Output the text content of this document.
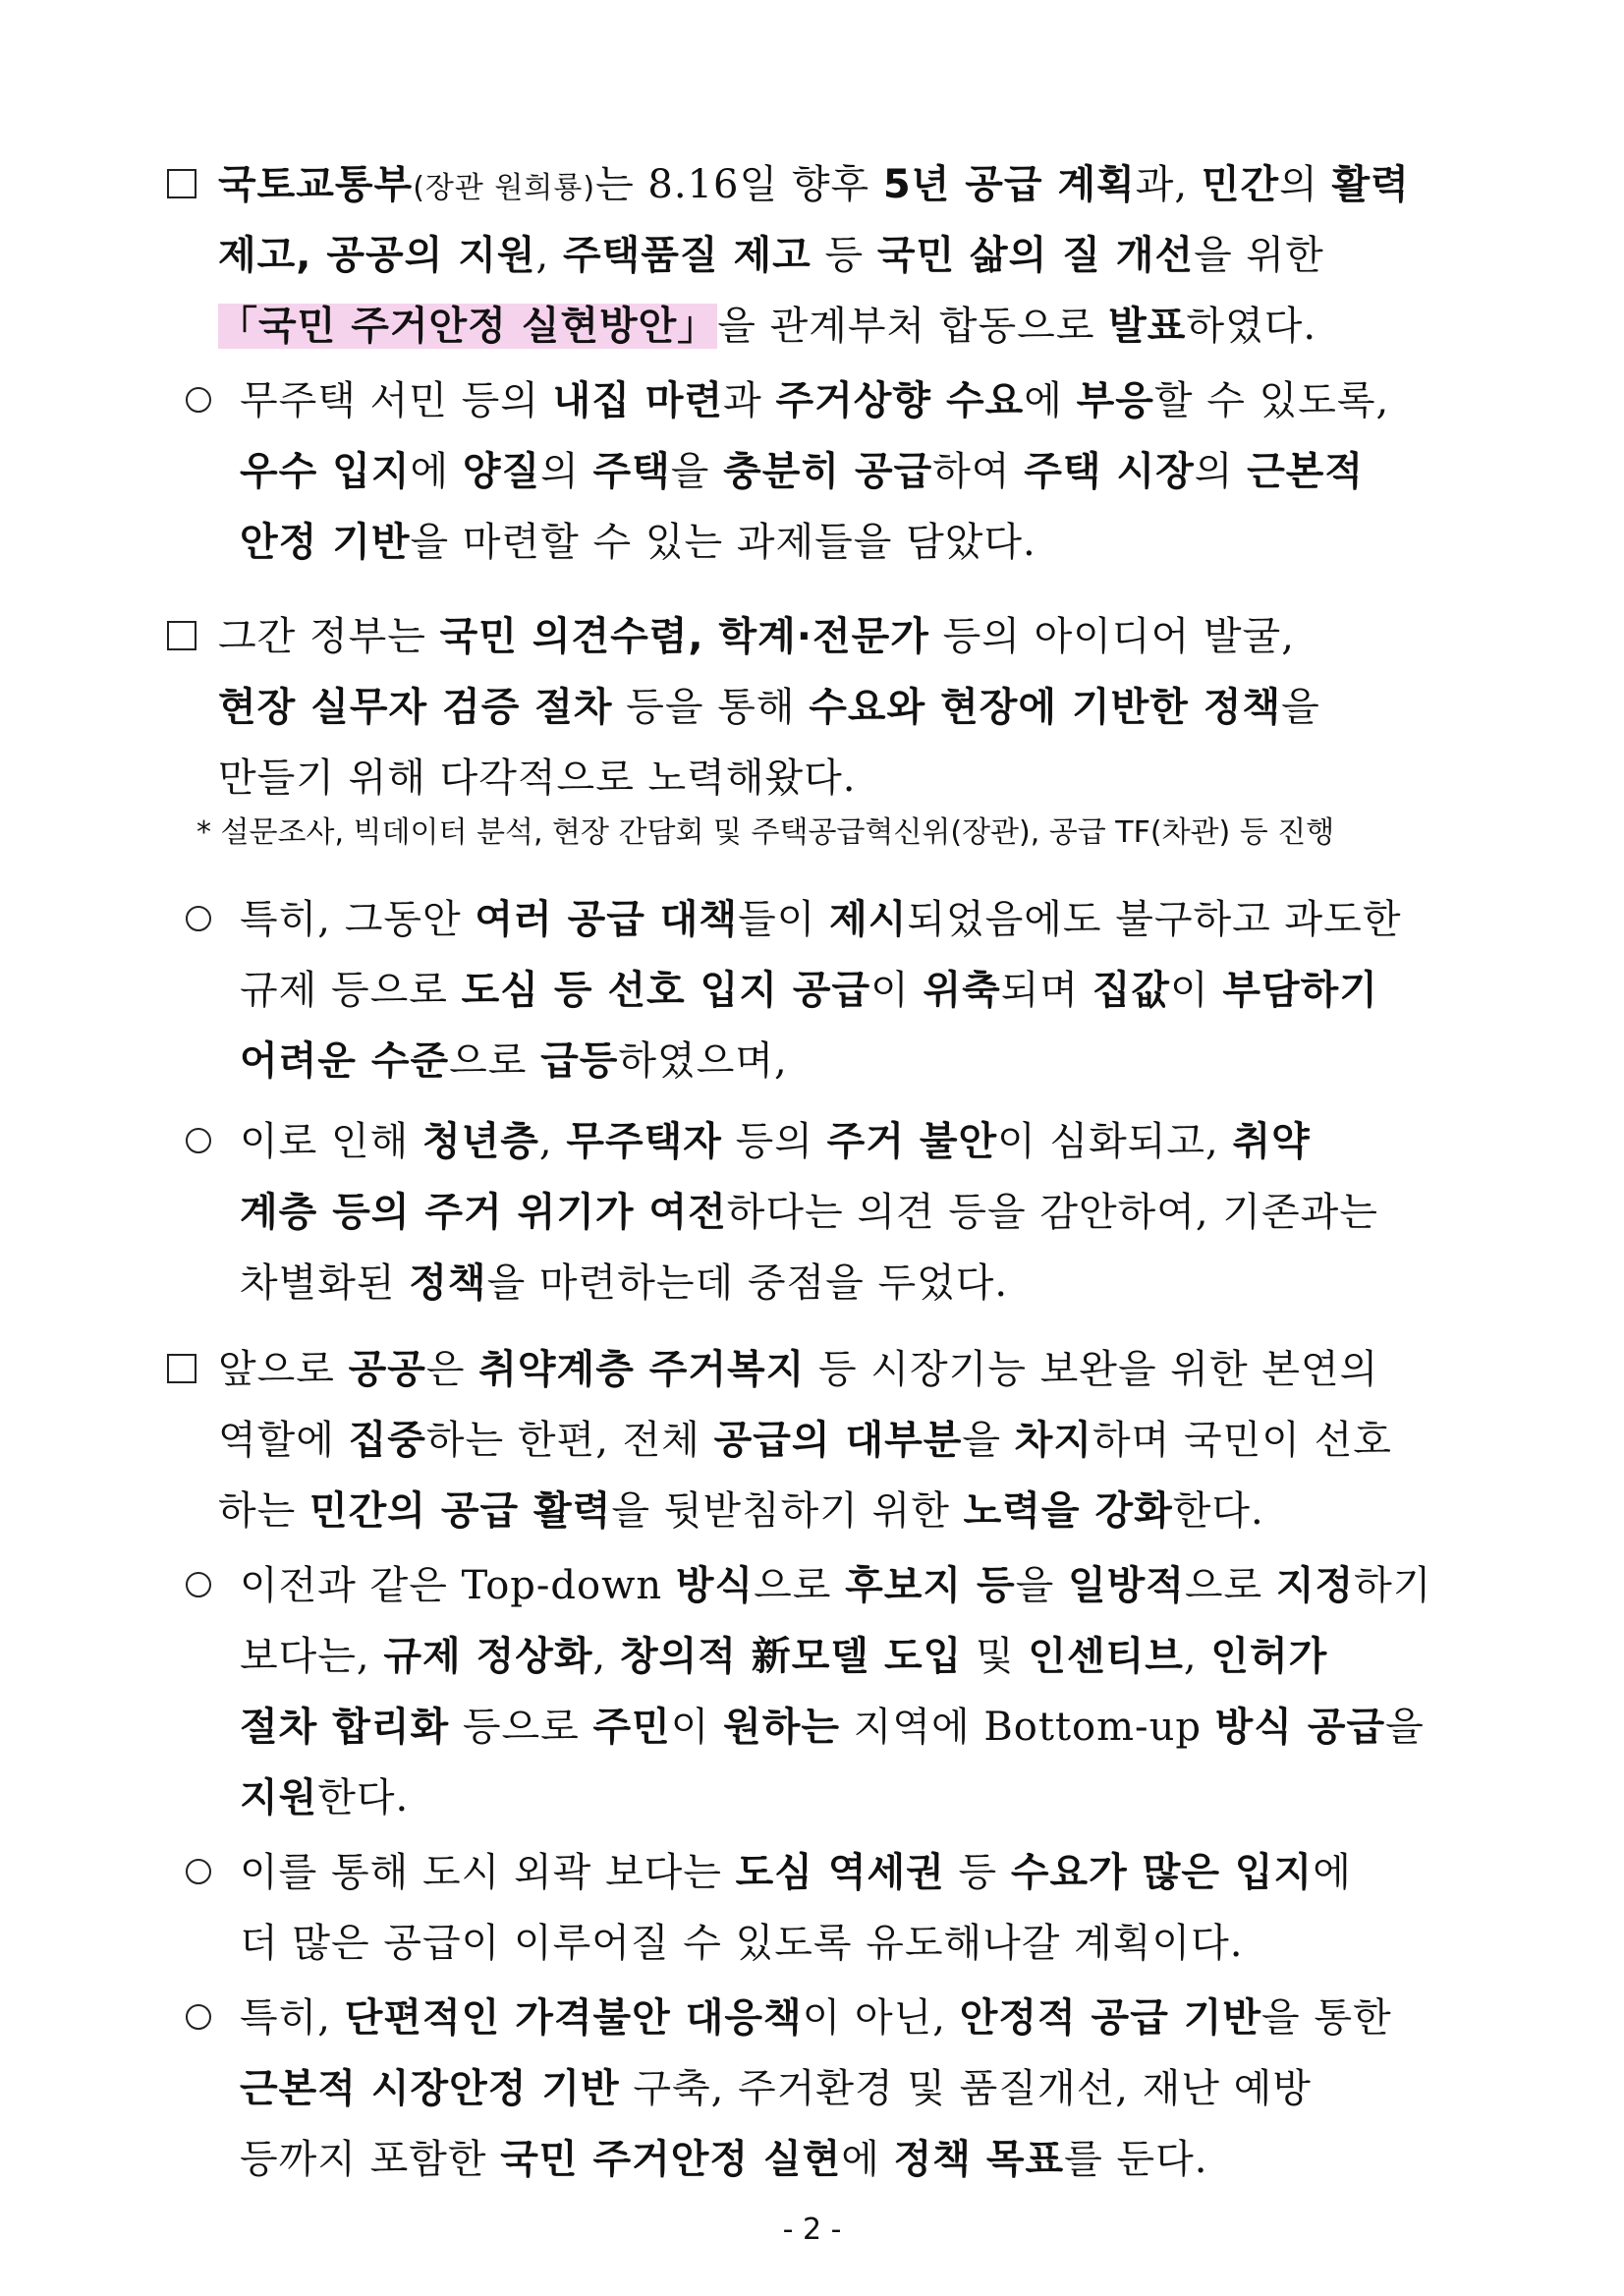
국토교통부(장관 원희룡)는 8.16일 향후 5년 공급 계획과, 민간의 활력
제고, 공공의 지원, 주택품질 제고 등 국민 삶의 질 개선을 위한
「국민 주거안정 실현방안」을 관계부처 합동으로 발표하였다.
무주택 서민 등의 내집 마련과 주거상향 수요에 부응할 수 있도록,
우수 입지에 양질의 주택을 충분히 공급하여 주택 시장의 근본적
안정 기반을 마련할 수 있는 과제들을 담았다.
그간 정부는 국민 의견수렴, 학계·전문가 등의 아이디어 발굴,
현장 실무자 검증 절차 등을 통해 수요와 현장에 기반한 정책을
만들기 위해 다각적으로 노력해왔다.
특히, 그동안 여러 공급 대책들이 제시되었음에도 불구하고 과도한
규제 등으로 도심 등 선호 입지 공급이 위축되며 집값이 부담하기
어려운 수준으로 급등하였으며,
이로 인해 청년층, 무주택자 등의 주거 불안이 심화되고, 취약
계층 등의 주거 위기가 여전하다는 의견 등을 감안하여, 기존과는
차별화된 정책을 마련하는데 중점을 두었다.
앞으로 공공은 취약계층 주거복지 등 시장기능 보완을 위한 본연의
역할에 집중하는 한편, 전체 공급의 대부분을 차지하며 국민이 선호
하는 민간의 공급 활력을 뒷받침하기 위한 노력을 강화한다.
이전과 같은 Top-down 방식으로 후보지 등을 일방적으로 지정하기
보다는, 규제 정상화, 창의적 新모델 도입 및 인센티브, 인허가
절차 합리화 등으로 주민이 원하는 지역에 Bottom-up 방식 공급을
지원한다.
이를 통해 도시 외곽 보다는 도심 역세권 등 수요가 많은 입지에
더 많은 공급이 이루어질 수 있도록 유도해나갈 계획이다.
특히, 단편적인 가격불안 대응책이 아닌, 안정적 공급 기반을 통한
근본적 시장안정 기반 구축, 주거환경 및 품질개선, 재난 예방
등까지 포함한 국민 주거안정 실현에 정책 목표를 둔다.
* 설문조사, 빅데이터 분석, 현장 간담회 및 주택공급혁신위(장관), 공급 TF(차관) 등 진행
- 2 -
